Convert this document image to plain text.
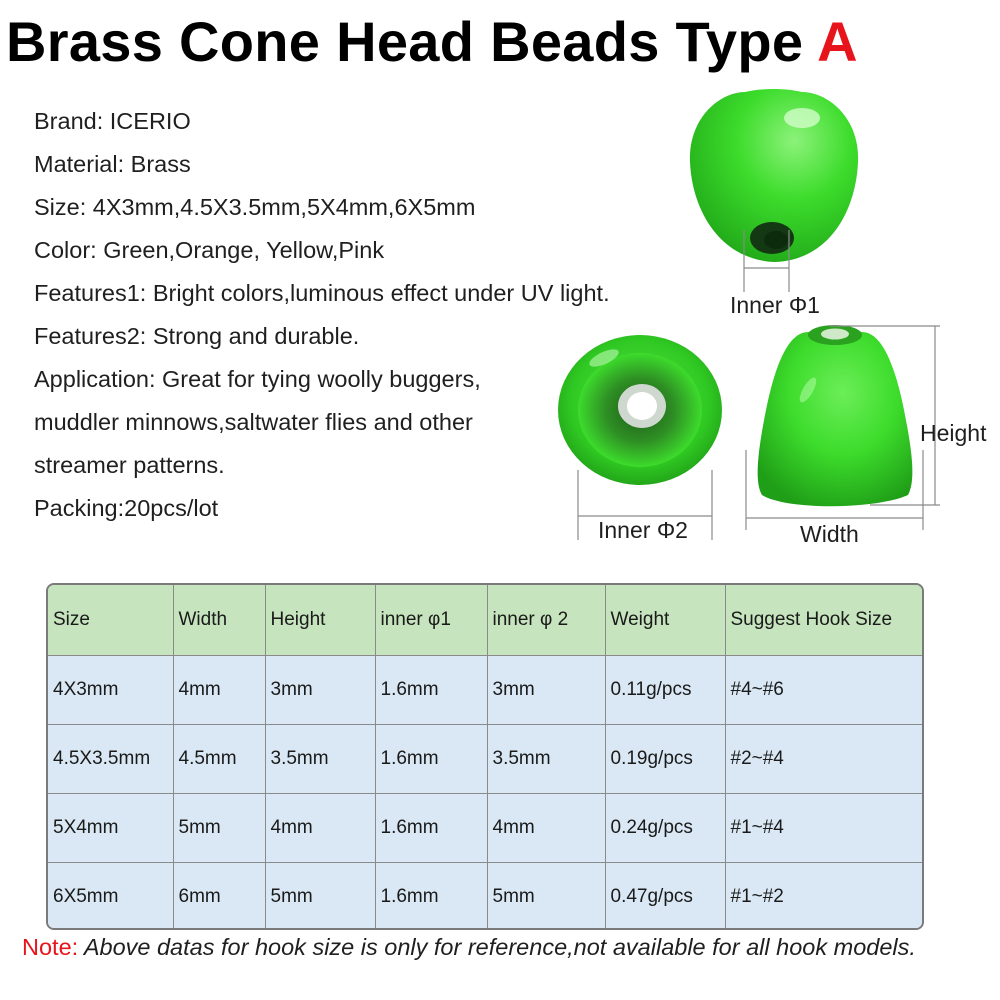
Brass Cone Head Beads Type A
Brand: ICERIO
Material: Brass
Size: 4X3mm,4.5X3.5mm,5X4mm,6X5mm
Color: Green,Orange, Yellow,Pink
Features1: Bright colors,luminous effect under UV light.
Features2: Strong and durable.
Application: Great for tying woolly buggers,
muddler minnows,saltwater flies and other
streamer patterns.
Packing:20pcs/lot
Inner Φ1
Inner Φ2
Height
Width
Size	Width	Height	inner φ1	inner φ 2	Weight	Suggest Hook Size
4X3mm	4mm	3mm	1.6mm	3mm	0.11g/pcs	#4~#6
4.5X3.5mm	4.5mm	3.5mm	1.6mm	3.5mm	0.19g/pcs	#2~#4
5X4mm	5mm	4mm	1.6mm	4mm	0.24g/pcs	#1~#4
6X5mm	6mm	5mm	1.6mm	5mm	0.47g/pcs	#1~#2
Note: Above datas for hook size is only for reference,not available for all hook models.
